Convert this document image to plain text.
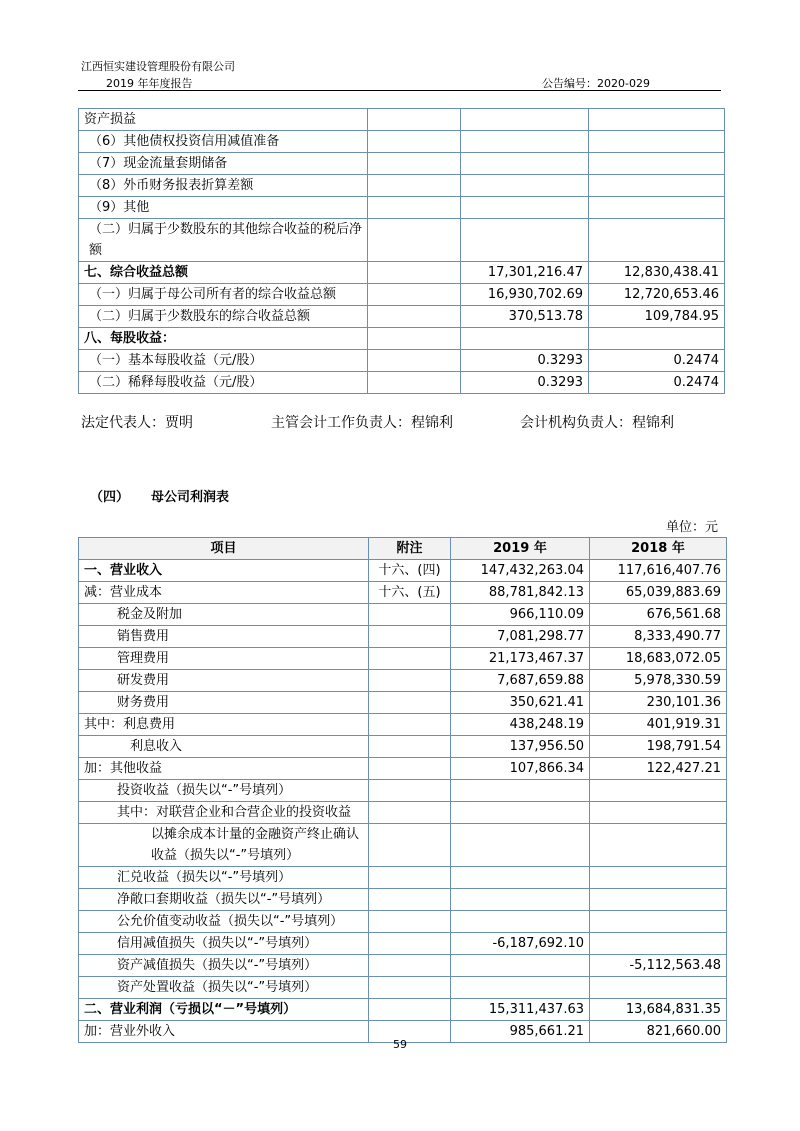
江西恒实建设管理股份有限公司
2019 年年度报告	公告编号：2020-029
资产损益			
（6）其他债权投资信用减值准备			
（7）现金流量套期储备			
（8）外币财务报表折算差额			
（9）其他			
（二）归属于少数股东的其他综合收益的税后净额			
七、综合收益总额		17,301,216.47	12,830,438.41
（一）归属于母公司所有者的综合收益总额		16,930,702.69	12,720,653.46
（二）归属于少数股东的综合收益总额		370,513.78	109,784.95
八、每股收益：			
（一）基本每股收益（元/股）		0.3293	0.2474
（二）稀释每股收益（元/股）		0.3293	0.2474
法定代表人：贾明	主管会计工作负责人：程锦利	会计机构负责人：程锦利
（四） 母公司利润表
单位：元
项目	附注	2019 年	2018 年
一、营业收入	十六、(四)	147,432,263.04	117,616,407.76
减：营业成本	十六、(五)	88,781,842.13	65,039,883.69
税金及附加		966,110.09	676,561.68
销售费用		7,081,298.77	8,333,490.77
管理费用		21,173,467.37	18,683,072.05
研发费用		7,687,659.88	5,978,330.59
财务费用		350,621.41	230,101.36
其中：利息费用		438,248.19	401,919.31
利息收入		137,956.50	198,791.54
加：其他收益		107,866.34	122,427.21
投资收益（损失以“-”号填列）			
其中：对联营企业和合营企业的投资收益			
以摊余成本计量的金融资产终止确认收益（损失以“-”号填列）			
汇兑收益（损失以“-”号填列）			
净敞口套期收益（损失以“-”号填列）			
公允价值变动收益（损失以“-”号填列）			
信用减值损失（损失以“-”号填列）		-6,187,692.10	
资产减值损失（损失以“-”号填列）			-5,112,563.48
资产处置收益（损失以“-”号填列）			
二、营业利润（亏损以“－”号填列）		15,311,437.63	13,684,831.35
加：营业外收入		985,661.21	821,660.00
59
